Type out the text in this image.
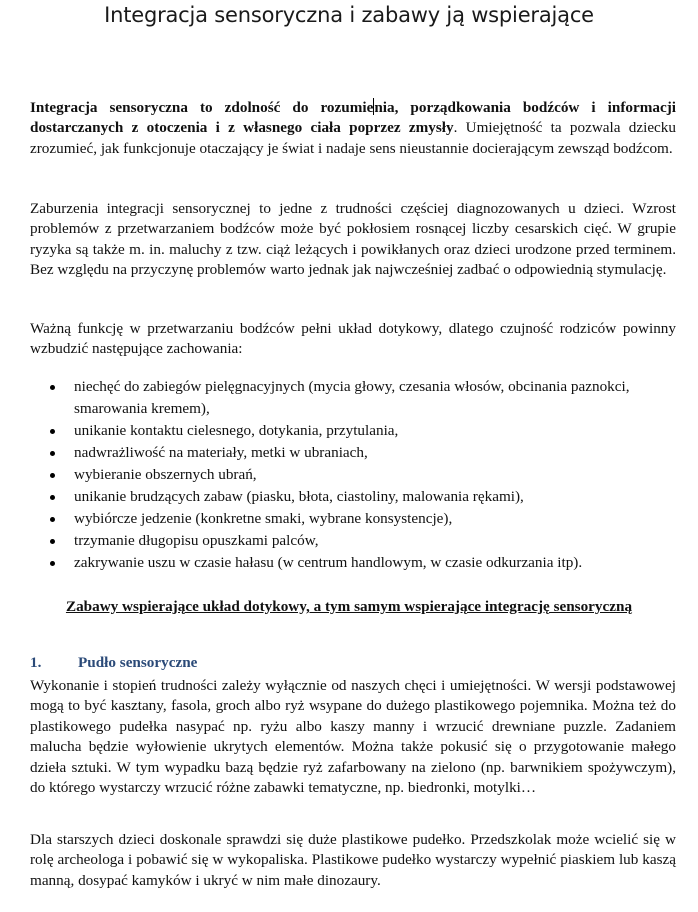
Integracja sensoryczna i zabawy ją wspierające

Integracja sensoryczna to zdolność do rozumienia, porządkowania bodźców i informacji dostarczanych z otoczenia i z własnego ciała poprzez zmysły. Umiejętność ta pozwala dziecku zrozumieć, jak funkcjonuje otaczający je świat i nadaje sens nieustannie docierającym zewsząd bodźcom.

Zaburzenia integracji sensorycznej to jedne z trudności częściej diagnozowanych u dzieci. Wzrost problemów z przetwarzaniem bodźców może być pokłosiem rosnącej liczby cesarskich cięć. W grupie ryzyka są także m. in. maluchy z tzw. ciąż leżących i powikłanych oraz dzieci urodzone przed terminem. Bez względu na przyczynę problemów warto jednak jak najwcześniej zadbać o odpowiednią stymulację.

Ważną funkcję w przetwarzaniu bodźców pełni układ dotykowy, dlatego czujność rodziców powinny wzbudzić następujące zachowania:

niechęć do zabiegów pielęgnacyjnych (mycia głowy, czesania włosów, obcinania paznokci, smarowania kremem),
unikanie kontaktu cielesnego, dotykania, przytulania,
nadwrażliwość na materiały, metki w ubraniach,
wybieranie obszernych ubrań,
unikanie brudzących zabaw (piasku, błota, ciastoliny, malowania rękami),
wybiórcze jedzenie (konkretne smaki, wybrane konsystencje),
trzymanie długopisu opuszkami palców,
zakrywanie uszu w czasie hałasu (w centrum handlowym, w czasie odkurzania itp).

Zabawy wspierające układ dotykowy, a tym samym wspierające integrację sensoryczną

1. Pudło sensoryczne

Wykonanie i stopień trudności zależy wyłącznie od naszych chęci i umiejętności. W wersji podstawowej mogą to być kasztany, fasola, groch albo ryż wsypane do dużego plastikowego pojemnika. Można też do plastikowego pudełka nasypać np. ryżu albo kaszy manny i wrzucić drewniane puzzle. Zadaniem malucha będzie wyłowienie ukrytych elementów. Można także pokusić się o przygotowanie małego dzieła sztuki. W tym wypadku bazą będzie ryż zafarbowany na zielono (np. barwnikiem spożywczym), do którego wystarczy wrzucić różne zabawki tematyczne, np. biedronki, motylki…

Dla starszych dzieci doskonale sprawdzi się duże plastikowe pudełko. Przedszkolak może wcielić się w rolę archeologa i pobawić się w wykopaliska. Plastikowe pudełko wystarczy wypełnić piaskiem lub kaszą manną, dosypać kamyków i ukryć w nim małe dinozaury.
